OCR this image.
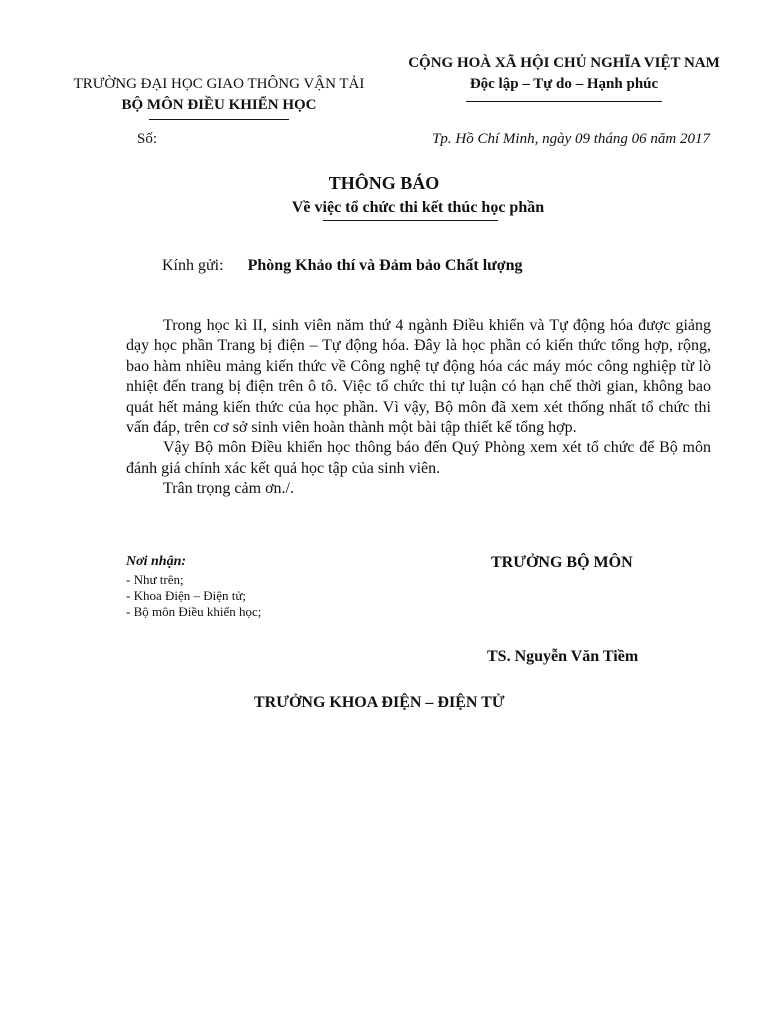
TRƯỜNG ĐẠI HỌC GIAO THÔNG VẬN TẢI
BỘ MÔN ĐIỀU KHIỂN HỌC
CỘNG HOÀ XÃ HỘI CHỦ NGHĨA VIỆT NAM
Độc lập – Tự do – Hạnh phúc
Số:	Tp. Hồ Chí Minh, ngày 09 tháng 06 năm 2017
THÔNG BÁO
Về việc tổ chức thi kết thúc học phần
Kính gửi: Phòng Khảo thí và Đảm bảo Chất lượng

Trong học kì II, sinh viên năm thứ 4 ngành Điều khiển và Tự động hóa được giảng dạy học phần Trang bị điện – Tự động hóa. Đây là học phần có kiến thức tổng hợp, rộng, bao hàm nhiều mảng kiến thức về Công nghệ tự động hóa các máy móc công nghiệp từ lò nhiệt đến trang bị điện trên ô tô. Việc tổ chức thi tự luận có hạn chế thời gian, không bao quát hết mảng kiến thức của học phần. Vì vậy, Bộ môn đã xem xét thống nhất tổ chức thi vấn đáp, trên cơ sở sinh viên hoàn thành một bài tập thiết kế tổng hợp.

Vậy Bộ môn Điều khiển học thông báo đến Quý Phòng xem xét tổ chức để Bộ môn đánh giá chính xác kết quả học tập của sinh viên.

Trân trọng cảm ơn./.

Nơi nhận:
- Như trên;
- Khoa Điện – Điện tử;
- Bộ môn Điều khiển học;
TRƯỞNG BỘ MÔN
TS. Nguyễn Văn Tiềm
TRƯỞNG KHOA ĐIỆN – ĐIỆN TỬ
